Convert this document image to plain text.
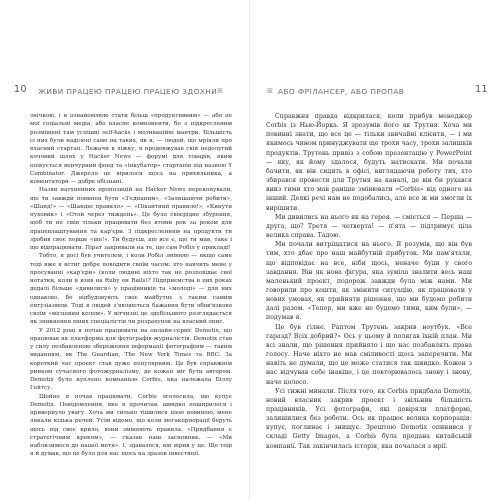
10 ЖИВИ ПРАЦЕЮ ПРАЦЕЮ ПРАЦЕЮ ЗДОХНИ ꕤ

знічкою, і я ознайомлюю стати більш «продуктивним» — або це мої соціальні медіа, або власне компоненти, бо з підкресленим розміщені там успішні self-hacks і мотиваційні мантри. Більшість із них були наділені саме на таких, як я, — людей, що мріяли про власний стартап. Лежачи в ліжку, я продовжував свій недолугий кочовий шлях у Hacker News — форумі для товарів, яким опікується венчурний фонд та «інкубатор» стартапів під назвою Y Combinator. Джерело це вірилося щось на прихильника, а коментатори — добре обізнані.

Назви натхненних пропозицій на Hacker News переконували, що ти завжди повинен бути «З'єднаним», «Залишаючи робити», «Шанд!» — «Шандні правило» — «Пікантний правило!», «Кинути пуховик» і «Отой через тиждень». Це було своєрідне збурення, щоб ти не смів тільки працювати без втоми рок за роком для працевлаштування та кар'єри. З підкресленням на продукти ти зробив своє перше «ще!». Ти будуєш, що все є, що ти мав, таке і що відпрацювати. Пірат закривали на те, що сам Робіл у прикладі!

Тобто, я досі був учителем, і коли Робіл змінюю — якщо саме тоді вже я встиг добре поводити своїм часом: хто навчить мене у просуванні «кар'єри» (коли людині ніхто так не розповідає свої нотатки, коли я взяв на Ruby он Rails)? Підприємства в цих роках дедалі більше «дивилися» у працівників та «молоді» — для них однаково, бо відбудовують своє майбутнє з таким самим ентузіазмом. Тоді в людей з'являються бажання бути обов'язково своїм «місцевим колом». У вітчизні це здебільшого розглядається як зникнення юних спеціалістів чи розрахунок на власний опис.

У 2012 році я почав працювати на онлайн-сервіс Demotix, що працював як платформа для фотографів-журналістів. Demotix став у силу позбавленою збереження інформації фотографіям — таким виданням, як The Guardian, The New York Times та BBC. За короткий час проект став дуже популярним. Це був справжнім ринком сучасного фотожурналізму, де кожен міг бути автором. Demotix було куплено компанією Corbis, яка належала Біллу Гейтсу.

Шойно я почав працювати, Corbis оголосила, що купує Demotix. Повідомлення, яке я прочитав, швидко поширилося і привернуло увагу. Хоча ми сильно тішилися цією новиною, мене лякали кілька речей. Усім відомо, що коли мегакорпорації беруть щось під своє крило, вони змінюють правила. «Придбання є стратегічним кроком», — сказав наш засновник. — «Ми наблизимося до нашої мети». І, здавалося, він вірив у це. Ще тоді я й думав, що це було для нас щось на зразок інвестиції.

ꕤ АБО ФРІЛАНСЕР, АБО ПРОПАВ	11

Справжня правда відкрилася, коли прибув менеджер Corbis із Нью-Йорка. Я зрозумів його як Трутня. Хоча ми повинні знати, що все це — тільки звичайні клієнти, — і ми якимось чином принуджувати ще трохи часу, трохи залишків продуктів. Трутень привіз з собою презентацію у PowerPoint — яку, як йому здалося, будуть натискати. Ми почали бачити, як він сидить в офісі, виглядаючи роботу тих, хто збирався провести для Трутня на каналі, де він би рухався вниз тими хто мав раніше змінювати «Corbis» від одного на інший. Деякі речі нам не подобались, але все ж ми змогли їх вирішити.

Ми дивились на нього як на героя. — сміється — Перша — друга, що? Третя — четверта! — п'ята — підтримує ціла велика справа. Тадою.

Ми почали витріщатися на нього. Я розумів, що він був тим, хто дбає про наш майбутній прибуток. Ми пам'ятали, що відповідає на все, ніби щось, неначе буди у свого завдання. Він як нова фігура, яка зуміла звалити весь наш маленький проект, подорож завжди була між нами. Ми говорили про кошти, як змінити ситуацію, як працювати у нових умовах, як прийняти рішення, що ми будемо робити далі разом. «Тепер, ми вже не будемо тими, ким були», — подумав я.

Це був гілне. Раптом Трутень закрив ноутбук. «Все гаразд? Всіх добрий?» Ось у цьому й полягав їхній план. Ми всі знали, що рішення прийнято і що нас позбавлять права голосу. Наче ніхто не мав сміливості щось заперечити. Ми навіть не думали, що це може статися так швидко. Кожен з нас відчував себе інакше, і це повторювалось знову і знову, наче колесо.

Усі тижні минали. Після того, як Corbis придбала Demotix, новий власник закрив проект і звільнив більшість працівників. Усі фотографи, які довіряли платформі, залишилися без роботи. Ось як працює велика корпорація: купує, поглинає і знищує. Зрештою Demotix опинився у складі Getty Images, а Corbis була продана китайській компанії. Так закінчилась історія, яка почалася з мрії.
